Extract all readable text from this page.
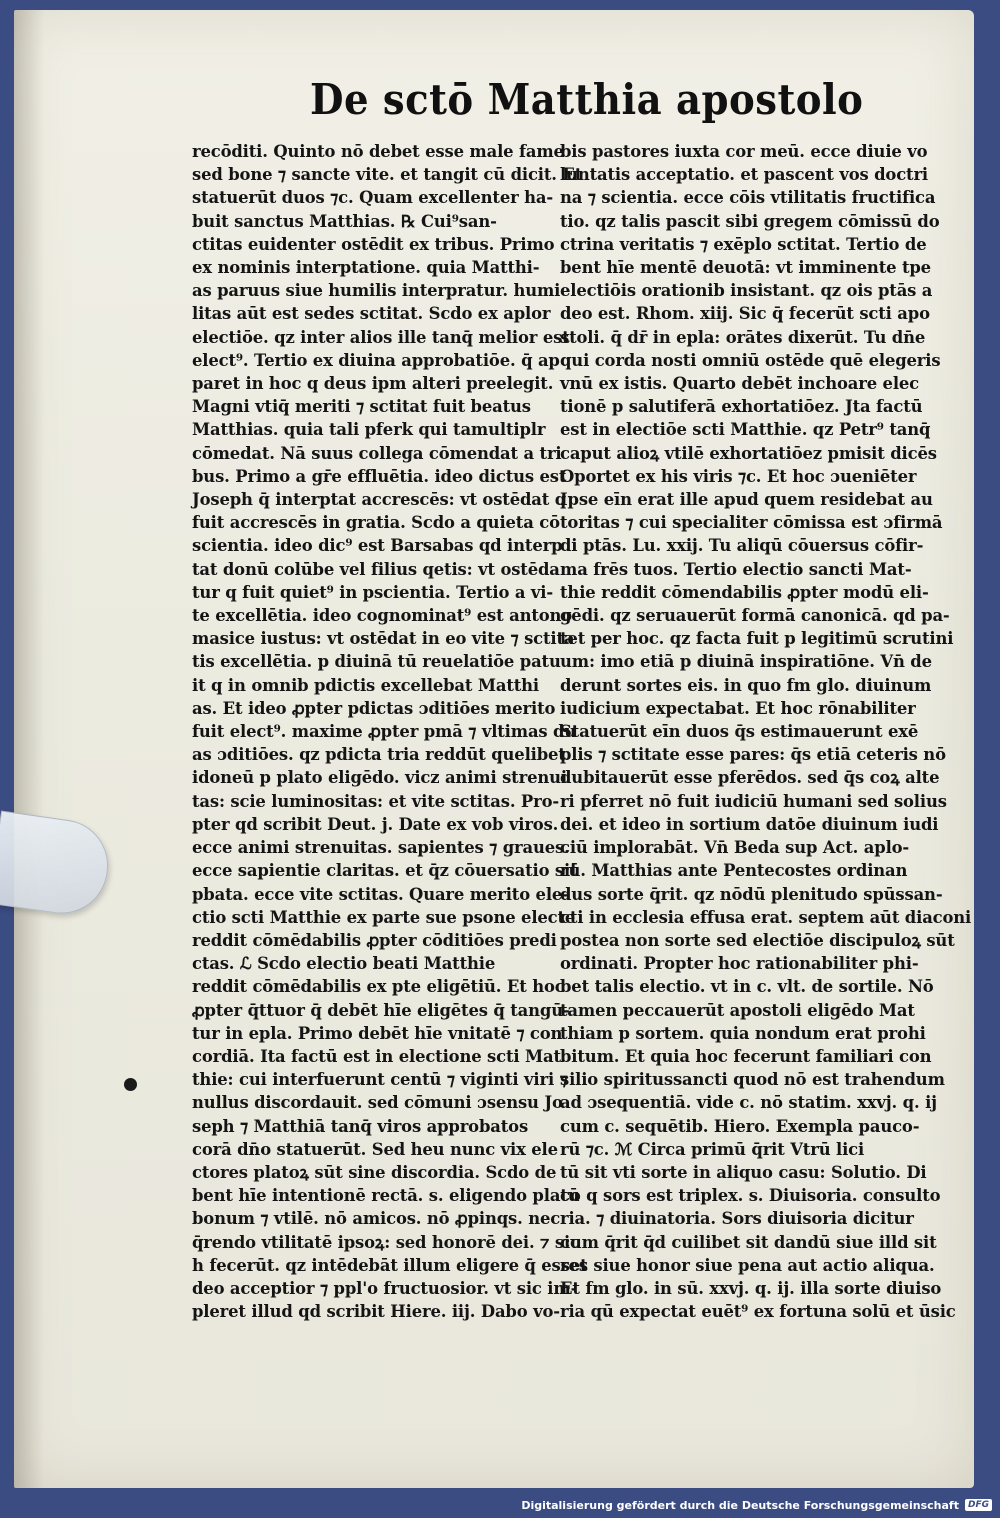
De sctō Matthia apostolo
recōditi. Quinto nō debet esse male fame
sed bone ⁊ sancte vite. et tangit cū dicit. Et
statuerūt duos ⁊c. Quam excellenter ha-
buit sanctus Matthias. ℞ Cui⁹san-
ctitas euidenter ostēdit ex tribus. Primo
ex nominis interptatione. quia Matthi-
as paruus siue humilis interpratur. humi
litas aūt est sedes sctitat. Scdo ex aplor
electiōe. qz inter alios ille tanq̄ melior est
elect⁹. Tertio ex diuina approbatiōe. q̄ ap
paret in hoc q deus ipm alteri preelegit.
Magni vtiq̄ meriti ⁊ sctitat fuit beatus
Matthias. quia tali pferk qui tamultiplr
cōmedat. Nā suus collega cōmendat a tri
bus. Primo a gr̄e effluētia. ideo dictus est
Joseph q̄ interptat accrescēs: vt ostēdat q
fuit accrescēs in gratia. Scdo a quieta cō
scientia. ideo dic⁹ est Barsabas qd interp
tat donū colūbe vel filius qetis: vt ostēda
tur q fuit quiet⁹ in pscientia. Tertio a vi-
te excellētia. ideo cognominat⁹ est antono
masice iustus: vt ostēdat in eo vite ⁊ sctita
tis excellētia. p diuinā tū reuelatiōe patu
it q in omnib pdictis excellebat Matthi
as. Et ideo ꝓpter pdictas ɔditiōes merito
fuit elect⁹. maxime ꝓpter pmā ⁊ vltimas du
as ɔditiōes. qz pdicta tria reddūt quelibet
idoneū p plato eligēdo. vicz animi strenui
tas: scie luminositas: et vite sctitas. Pro-
pter qd scribit Deut. j. Date ex vob viros.
ecce animi strenuitas. sapientes ⁊ graues.
ecce sapientie claritas. et q̄z cōuersatio sit
pbata. ecce vite sctitas. Quare merito ele-
ctio scti Matthie ex parte sue psone electe
reddit cōmēdabilis ꝓpter cōditiōes predi
ctas. ℒ Scdo electio beati Matthie
reddit cōmēdabilis ex pte eligētiū. Et hoc
ꝓpter q̄ttuor q̄ debēt hīe eligētes q̄ tangū-
tur in epla. Primo debēt hīe vnitatē ⁊ con
cordiā. Ita factū est in electione scti Mat
thie: cui interfuerunt centū ⁊ viginti viri ⁊
nullus discordauit. sed cōmuni ɔsensu Jo
seph ⁊ Matthiā tanq̄ viros approbatos
corā dn̄o statuerūt. Sed heu nunc vix ele
ctores platoꝝ sūt sine discordia. Scdo de
bent hīe intentionē rectā. s. eligendo platū
bonum ⁊ vtilē. nō amicos. nō ꝓpinqs. nec
q̄rendo vtilitatē ipsoꝝ: sed honorē dei. ⁊ sic
h fecerūt. qz intēdebāt illum eligere q̄ esset
deo acceptior ⁊ ppl'o fructuosior. vt sic im-
pleret illud qd scribit Hiere. iij. Dabo vo-
bis pastores iuxta cor meū. ecce diuie vo
luntatis acceptatio. et pascent vos doctri
na ⁊ scientia. ecce cōis vtilitatis fructifica
tio. qz talis pascit sibi gregem cōmissū do
ctrina veritatis ⁊ exēplo sctitat. Tertio de
bent hīe mentē deuotā: vt imminente tpe
electiōis orationib insistant. qz ois ptās a
deo est. Rhom. xiij. Sic q̄ fecerūt scti apo
stoli. q̄ dr̄ in epla: orātes dixerūt. Tu dn̄e
qui corda nosti omniū ostēde quē elegeris
vnū ex istis. Quarto debēt inchoare elec
tionē p salutiferā exhortatiōez. Jta factū
est in electiōe scti Matthie. qz Petr⁹ tanq̄
caput alioꝝ vtilē exhortatiōez pmisit dicēs
Oportet ex his viris ⁊c. Et hoc ɔueniēter
Ipse eīn erat ille apud quem residebat au
toritas ⁊ cui specialiter cōmissa est ɔfirmā
di ptās. Lu. xxij. Tu aliqū cōuersus cōfir-
ma frēs tuos. Tertio electio sancti Mat-
thie reddit cōmendabilis ꝓpter modū eli-
gēdi. qz seruauerūt formā canonicā. qd pa-
tet per hoc. qz facta fuit p legitimū scrutini
um: imo etiā p diuinā inspiratiōne. Vn̄ de
derunt sortes eis. in quo fm glo. diuinum
iudicium expectabat. Et hoc rōnabiliter
Statuerūt eīn duos q̄s estimauerunt exē
plis ⁊ sctitate esse pares: q̄s etiā ceteris nō
dubitauerūt esse pferēdos. sed q̄s coꝝ alte
ri pferret nō fuit iudiciū humani sed solius
dei. et ideo in sortium datōe diuinum iudi
ciū implorabāt. Vn̄ Beda sup Act. aplo-
rū. Matthias ante Pentecostes ordinan
dus sorte q̄rit. qz nōdū plenitudo spūssan-
cti in ecclesia effusa erat. septem aūt diaconi
postea non sorte sed electiōe discipuloꝝ sūt
ordinati. Propter hoc rationabiliter phi-
bet talis electio. vt in c. vlt. de sortile. Nō
tamen peccauerūt apostoli eligēdo Mat
thiam p sortem. quia nondum erat prohi
bitum. Et quia hoc fecerunt familiari con
silio spiritussancti quod nō est trahendum
ad ɔsequentiā. vide c. nō statim. xxvj. q. ij
cum c. sequētib. Hiero. Exempla pauco-
rū ⁊c. ℳ Circa primū q̄rit Vtrū lici
tū sit vti sorte in aliquo casu: Solutio. Di
co q sors est triplex. s. Diuisoria. consulto
ria. ⁊ diuinatoria. Sors diuisoria dicitur
cum q̄rit q̄d cuilibet sit dandū siue illd sit
res siue honor siue pena aut actio aliqua.
Et fm glo. in sū. xxvj. q. ij. illa sorte diuiso
ria qū expectat euēt⁹ ex fortuna solū et ūsic
Digitalisierung gefördert durch die Deutsche Forschungsgemeinschaft	DFG
